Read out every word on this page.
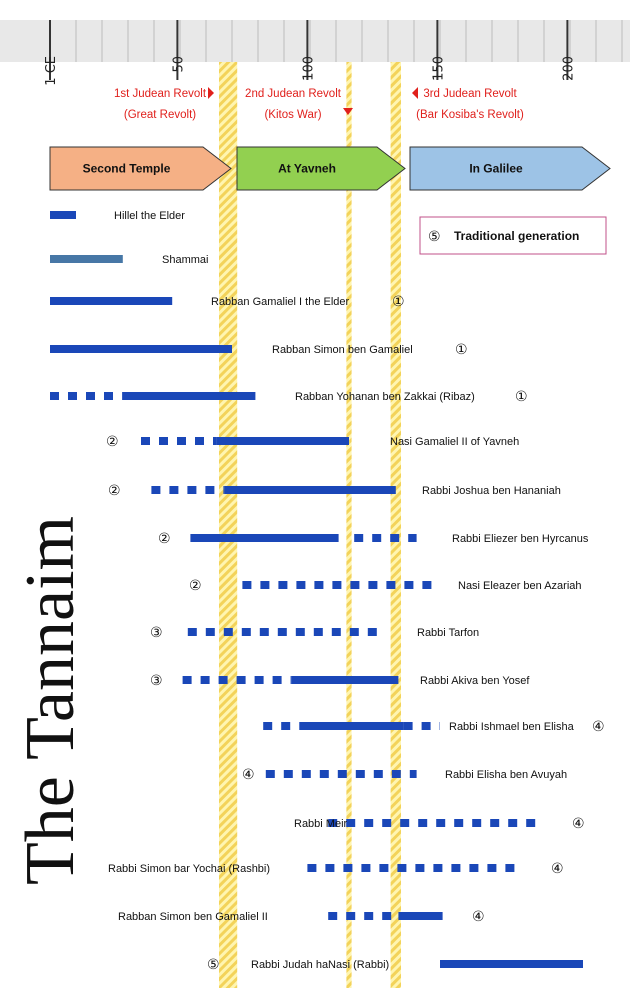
1 CE	50	100	150	200
1st Judean Revolt
(Great Revolt)
2nd Judean Revolt
(Kitos War)
3rd Judean Revolt
(Bar Kosiba's Revolt)
Second Temple	At Yavneh	In Galilee
⑤ Traditional generation
Hillel the Elder
Shammai
Rabban Gamaliel I the Elder	①
Rabban Simon ben Gamaliel	①
Rabban Yohanan ben Zakkai (Ribaz)	①
Nasi Gamaliel II of Yavneh
②
Rabbi Joshua ben Hananiah
②
Rabbi Eliezer ben Hyrcanus
②
Nasi Eleazer ben Azariah
②
Rabbi Tarfon
③
Rabbi Akiva ben Yosef
③
Rabbi Ishmael ben Elisha ④
Rabbi Elisha ben Avuyah
④
Rabbi Meir	④
Rabbi Simon bar Yochai (Rashbi)	④
Rabban Simon ben Gamaliel II	④
Rabbi Judah haNasi (Rabbi)
⑤
The Tannaim
